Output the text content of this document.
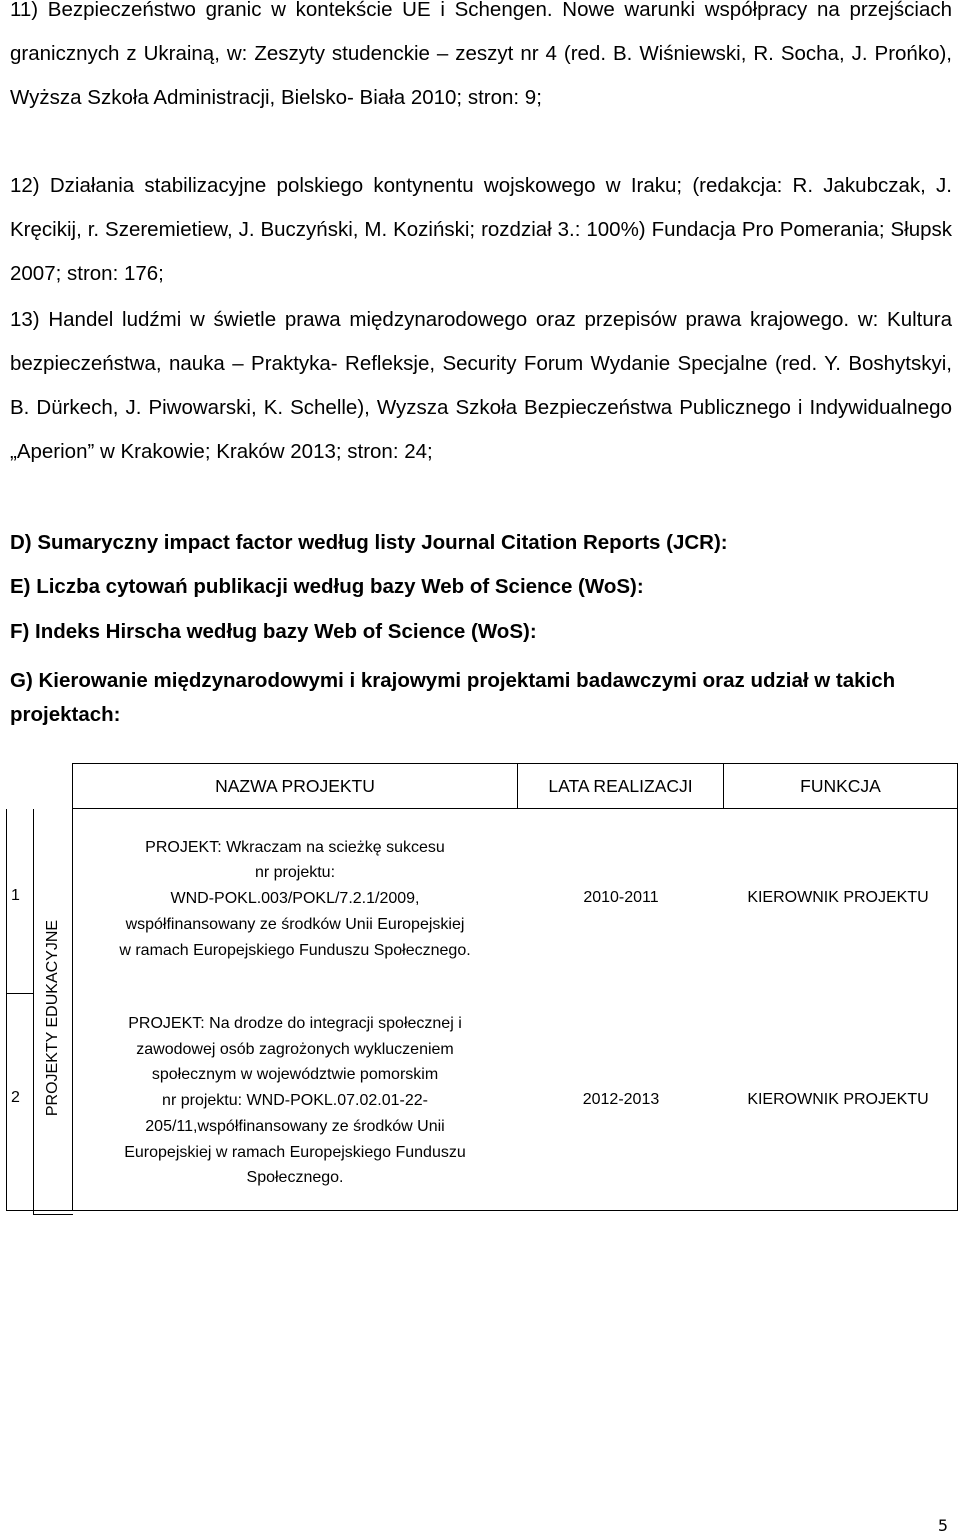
11) Bezpieczeństwo granic w kontekście UE i Schengen. Nowe warunki współpracy na przejściach granicznych z Ukrainą, w: Zeszyty studenckie – zeszyt nr 4 (red. B. Wiśniewski, R. Socha, J. Prońko), Wyższa Szkoła Administracji, Bielsko- Biała 2010; stron: 9;

12) Działania stabilizacyjne polskiego kontynentu wojskowego w Iraku; (redakcja: R. Jakubczak, J. Kręcikij, r. Szeremietiew, J. Buczyński, M. Koziński; rozdział 3.: 100%) Fundacja Pro Pomerania; Słupsk 2007; stron: 176;

13) Handel ludźmi w świetle prawa międzynarodowego oraz przepisów prawa krajowego. w: Kultura bezpieczeństwa, nauka – Praktyka- Refleksje, Security Forum Wydanie Specjalne (red. Y. Boshytskyi, B. Dürkech, J. Piwowarski, K. Schelle), Wyzsza Szkoła Bezpieczeństwa Publicznego i Indywidualnego „Aperion” w Krakowie; Kraków 2013; stron: 24;

D) Sumaryczny impact factor według listy Journal Citation Reports (JCR):
E) Liczba cytowań publikacji według bazy Web of Science (WoS):
F) Indeks Hirscha według bazy Web of Science (WoS):
G) Kierowanie międzynarodowymi i krajowymi projektami badawczymi oraz udział w takich projektach:
NAZWA PROJEKTU	LATA REALIZACJI	FUNKCJA
PROJEKTY EDUKACYJNE
1
PROJEKT: Wkraczam na scieżkę sukcesu
nr projektu:
WND-POKL.003/POKL/7.2.1/2009,
współfinansowany ze środków Unii Europejskiej
w ramach Europejskiego Funduszu Społecznego.
2010-2011	KIEROWNIK PROJEKTU
2
PROJEKT: Na drodze do integracji społecznej i
zawodowej osób zagrożonych wykluczeniem
społecznym w województwie pomorskim
nr projektu: WND-POKL.07.02.01-22-
205/11,współfinansowany ze środków Unii
Europejskiej w ramach Europejskiego Funduszu
Społecznego.
2012-2013	KIEROWNIK PROJEKTU
5
